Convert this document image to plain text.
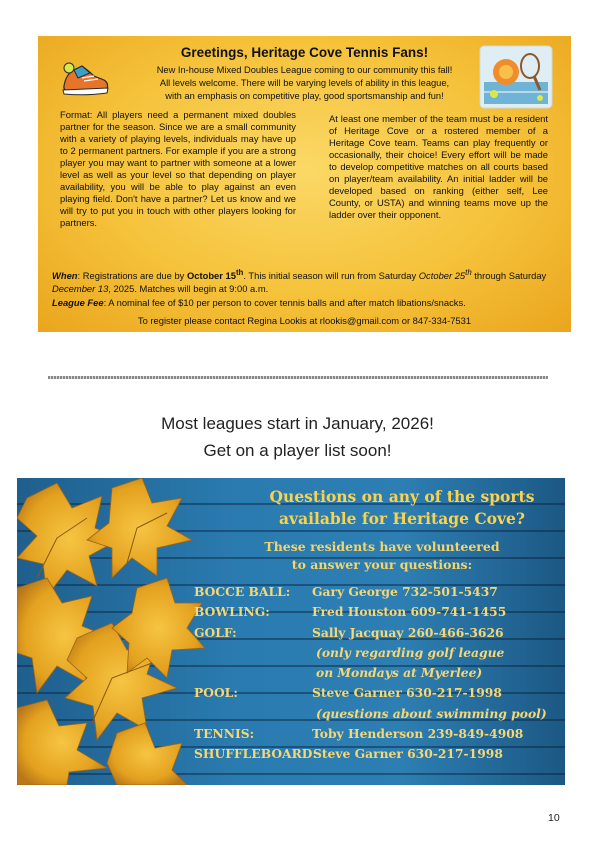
Greetings, Heritage Cove Tennis Fans!
New In-house Mixed Doubles League coming to our community this fall!
All levels welcome. There will be varying levels of ability in this league,
with an emphasis on competitive play, good sportsmanship and fun!
Format: All players need a permanent mixed doubles partner for the season. Since we are a small community with a variety of playing levels, individuals may have up to 2 permanent partners. For example if you are a strong player you may want to partner with someone at a lower level as well as your level so that depending on player availability, you will be able to play against an even playing field. Don't have a partner? Let us know and we will try to put you in touch with other players looking for partners.
At least one member of the team must be a resident of Heritage Cove or a rostered member of a Heritage Cove team. Teams can play frequently or occasionally, their choice! Every effort will be made to develop competitive matches on all courts based on player/team availability. An initial ladder will be developed based on ranking (either self, Lee County, or USTA) and winning teams move up the ladder over their opponent.
When: Registrations are due by October 15th. This initial season will run from Saturday October 25th through Saturday December 13, 2025. Matches will begin at 9:00 a.m.
League Fee: A nominal fee of $10 per person to cover tennis balls and after match libations/snacks.
To register please contact Regina Lookis at rlookis@gmail.com or 847-334-7531
Most leagues start in January, 2026!
Get on a player list soon!
Questions on any of the sports
available for Heritage Cove?
These residents have volunteered
to answer your questions:
BOCCE BALL: Gary George 732-501-5437
BOWLING:	Fred Houston 609-741-1455
GOLF:	Sally Jacquay 260-466-3626
(only regarding golf league
on Mondays at Myerlee)
POOL:	Steve Garner 630-217-1998
(questions about swimming pool)
TENNIS:	Toby Henderson 239-849-4908
SHUFFLEBOARD:
Steve Garner 630-217-1998
10
